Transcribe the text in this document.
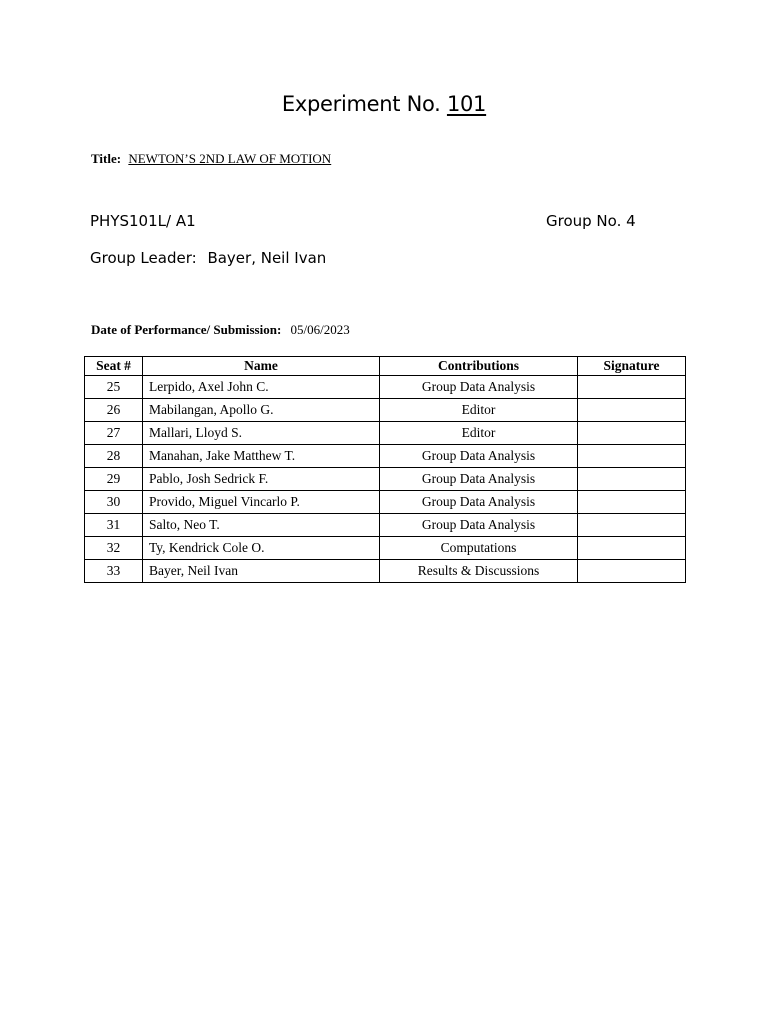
Experiment No. 101
Title: NEWTON’S 2ND LAW OF MOTION
PHYS101L/ A1	Group No. 4
Group Leader: Bayer, Neil Ivan
Date of Performance/ Submission: 05/06/2023
Seat #	Name	Contributions	Signature
25	Lerpido, Axel John C.	Group Data Analysis	
26	Mabilangan, Apollo G.	Editor	
27	Mallari, Lloyd S.	Editor	
28	Manahan, Jake Matthew T.	Group Data Analysis	
29	Pablo, Josh Sedrick F.	Group Data Analysis	
30	Provido, Miguel Vincarlo P.	Group Data Analysis	
31	Salto, Neo T.	Group Data Analysis	
32	Ty, Kendrick Cole O.	Computations	
33	Bayer, Neil Ivan	Results & Discussions	
